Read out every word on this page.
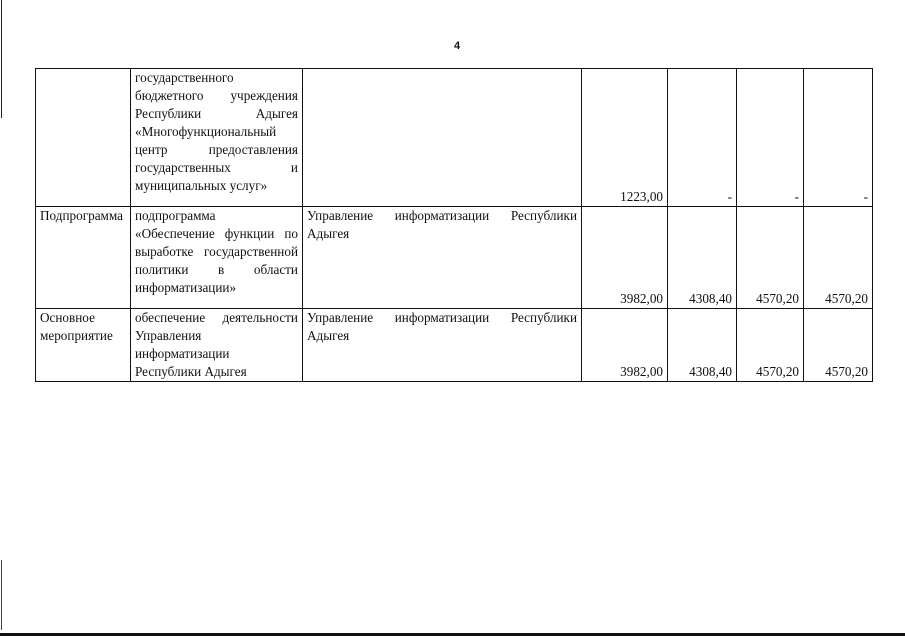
4
	государственного бюджетного учреждения Республики Адыгея «Многофункциональный центр предоставления государственных и муниципальных услуг»		1223,00	-	-	-
Подпрограмма	подпрограмма «Обеспечение функции по выработке государственной политики в области информатизации»	Управление информатизации Республики Адыгея	3982,00	4308,40	4570,20	4570,20
Основное мероприятие	обеспечение деятельности Управления информатизации Республики Адыгея	Управление информатизации Республики Адыгея	3982,00	4308,40	4570,20	4570,20
